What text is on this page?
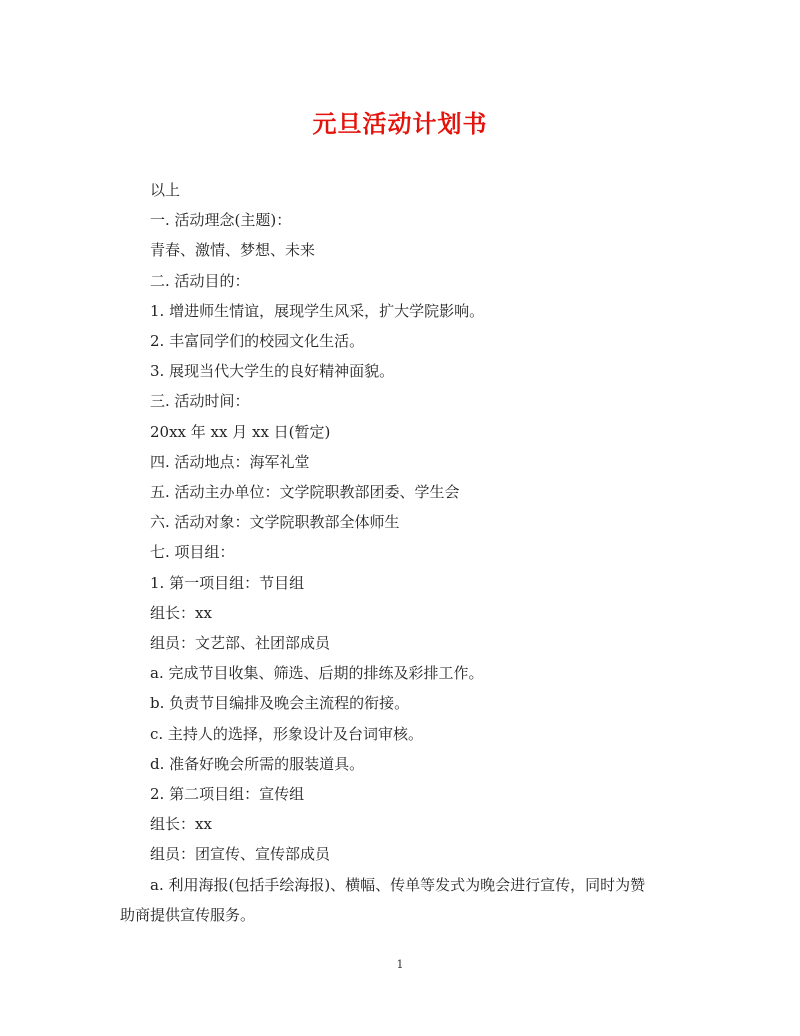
元旦活动计划书

以上

一. 活动理念(主题)：

青春、激情、梦想、未来

二. 活动目的：

1. 增进师生情谊，展现学生风采，扩大学院影响。

2. 丰富同学们的校园文化生活。

3. 展现当代大学生的良好精神面貌。

三. 活动时间：

20xx 年 xx 月 xx 日(暂定)

四. 活动地点：海军礼堂

五. 活动主办单位：文学院职教部团委、学生会

六. 活动对象：文学院职教部全体师生

七. 项目组：

1. 第一项目组：节目组

组长：xx

组员：文艺部、社团部成员

a. 完成节目收集、筛选、后期的排练及彩排工作。

b. 负责节目编排及晚会主流程的衔接。

c. 主持人的选择，形象设计及台词审核。

d. 准备好晚会所需的服装道具。

2. 第二项目组：宣传组

组长：xx

组员：团宣传、宣传部成员

a. 利用海报(包括手绘海报)、横幅、传单等发式为晚会进行宣传，同时为赞助商提供宣传服务。

1
